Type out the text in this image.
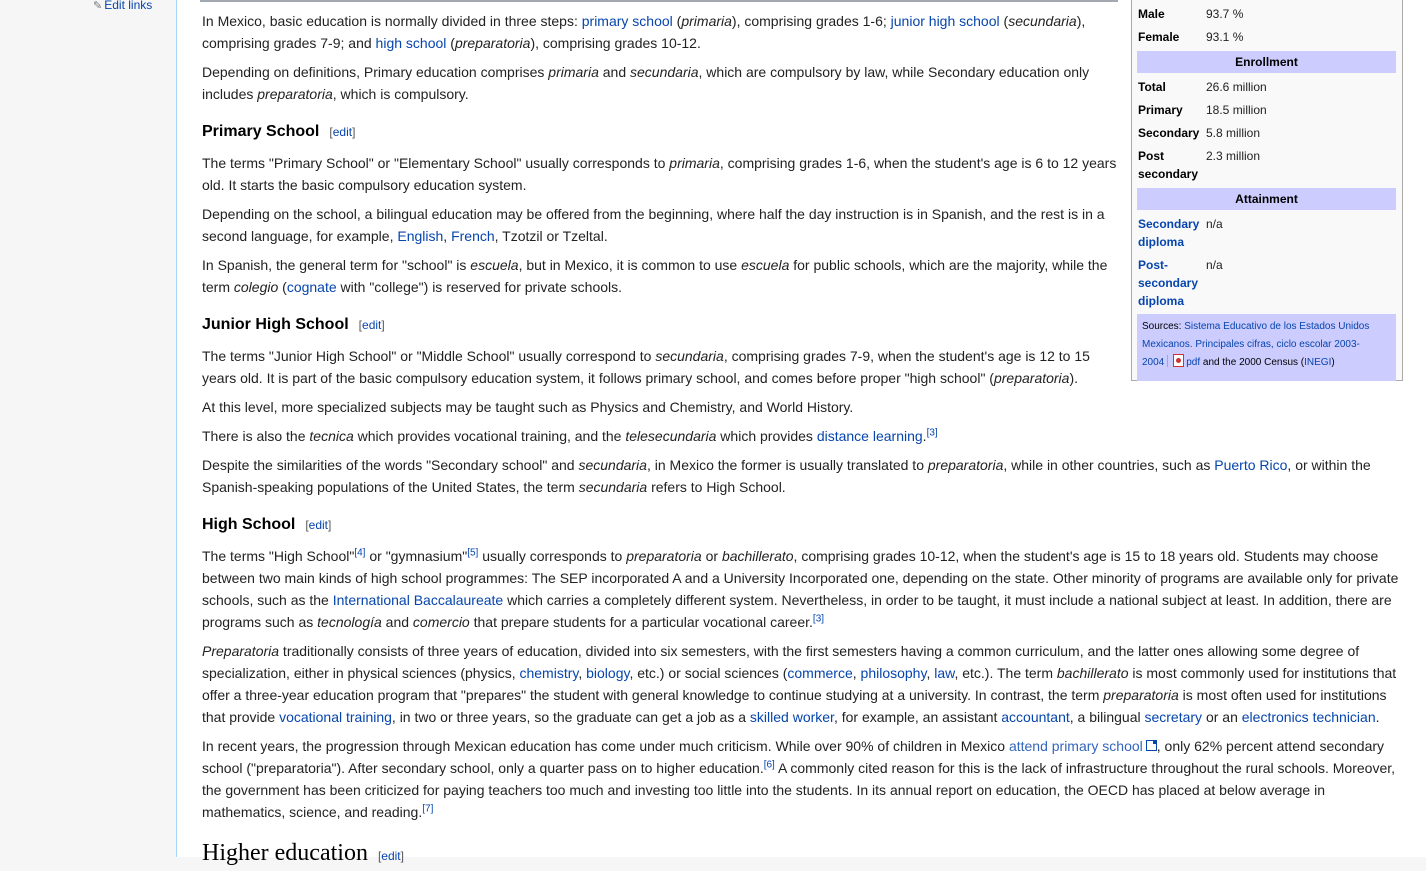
✎ Edit links

In Mexico, basic education is normally divided in three steps: primary school (primaria), comprising grades 1-6; junior high school (secundaria),
comprising grades 7-9; and high school (preparatoria), comprising grades 10-12.

Depending on definitions, Primary education comprises primaria and secundaria, which are compulsory by law, while Secondary education only
includes preparatoria, which is compulsory.

Primary School [edit]

The terms "Primary School" or "Elementary School" usually corresponds to primaria, comprising grades 1-6, when the student's age is 6 to 12 years
old. It starts the basic compulsory education system.

Depending on the school, a bilingual education may be offered from the beginning, where half the day instruction is in Spanish, and the rest is in a
second language, for example, English, French, Tzotzil or Tzeltal.

In Spanish, the general term for "school" is escuela, but in Mexico, it is common to use escuela for public schools, which are the majority, while the
term colegio (cognate with "college") is reserved for private schools.

Junior High School [edit]

The terms "Junior High School" or "Middle School" usually correspond to secundaria, comprising grades 7-9, when the student's age is 12 to 15
years old. It is part of the basic compulsory education system, it follows primary school, and comes before proper "high school" (preparatoria).

At this level, more specialized subjects may be taught such as Physics and Chemistry, and World History.

There is also the tecnica which provides vocational training, and the telesecundaria which provides distance learning.[3]

Despite the similarities of the words "Secondary school" and secundaria, in Mexico the former is usually translated to preparatoria, while in other countries, such as Puerto Rico, or within the
Spanish-speaking populations of the United States, the term secundaria refers to High School.

High School [edit]

The terms "High School"[4] or "gymnasium"[5] usually corresponds to preparatoria or bachillerato, comprising grades 10-12, when the student's age is 15 to 18 years old. Students may choose
between two main kinds of high school programmes: The SEP incorporated A and a University Incorporated one, depending on the state. Other minority of programs are available only for private
schools, such as the International Baccalaureate which carries a completely different system. Nevertheless, in order to be taught, it must include a national subject at least. In addition, there are
programs such as tecnología and comercio that prepare students for a particular vocational career.[3]

Preparatoria traditionally consists of three years of education, divided into six semesters, with the first semesters having a common curriculum, and the latter ones allowing some degree of
specialization, either in physical sciences (physics, chemistry, biology, etc.) or social sciences (commerce, philosophy, law, etc.). The term bachillerato is most commonly used for institutions that
offer a three-year education program that "prepares" the student with general knowledge to continue studying at a university. In contrast, the term preparatoria is most often used for institutions
that provide vocational training, in two or three years, so the graduate can get a job as a skilled worker, for example, an assistant accountant, a bilingual secretary or an electronics technician.

In recent years, the progression through Mexican education has come under much criticism. While over 90% of children in Mexico attend primary school , only 62% percent attend secondary
school ("preparatoria"). After secondary school, only a quarter pass on to higher education.[6] A commonly cited reason for this is the lack of infrastructure throughout the rural schools. Moreover,
the government has been criticized for paying teachers too much and investing too little into the students. In its annual report on education, the OECD has placed at below average in
mathematics, science, and reading.[7]

Higher education [edit]
Male	93.7 %
Female 93.1 %
Enrollment
Total	26.6 million
Primary 18.5 million
Secondary 5.8 million
Post
secondary
2.3 million
Attainment
Secondary
diploma
n/a
Post-
secondary
diploma
n/a
Sources: Sistema Educativo de los Estados Unidos
Mexicanos. Principales cifras, ciclo escolar 2003-
2004 pdf and the 2000 Census (INEGI)
